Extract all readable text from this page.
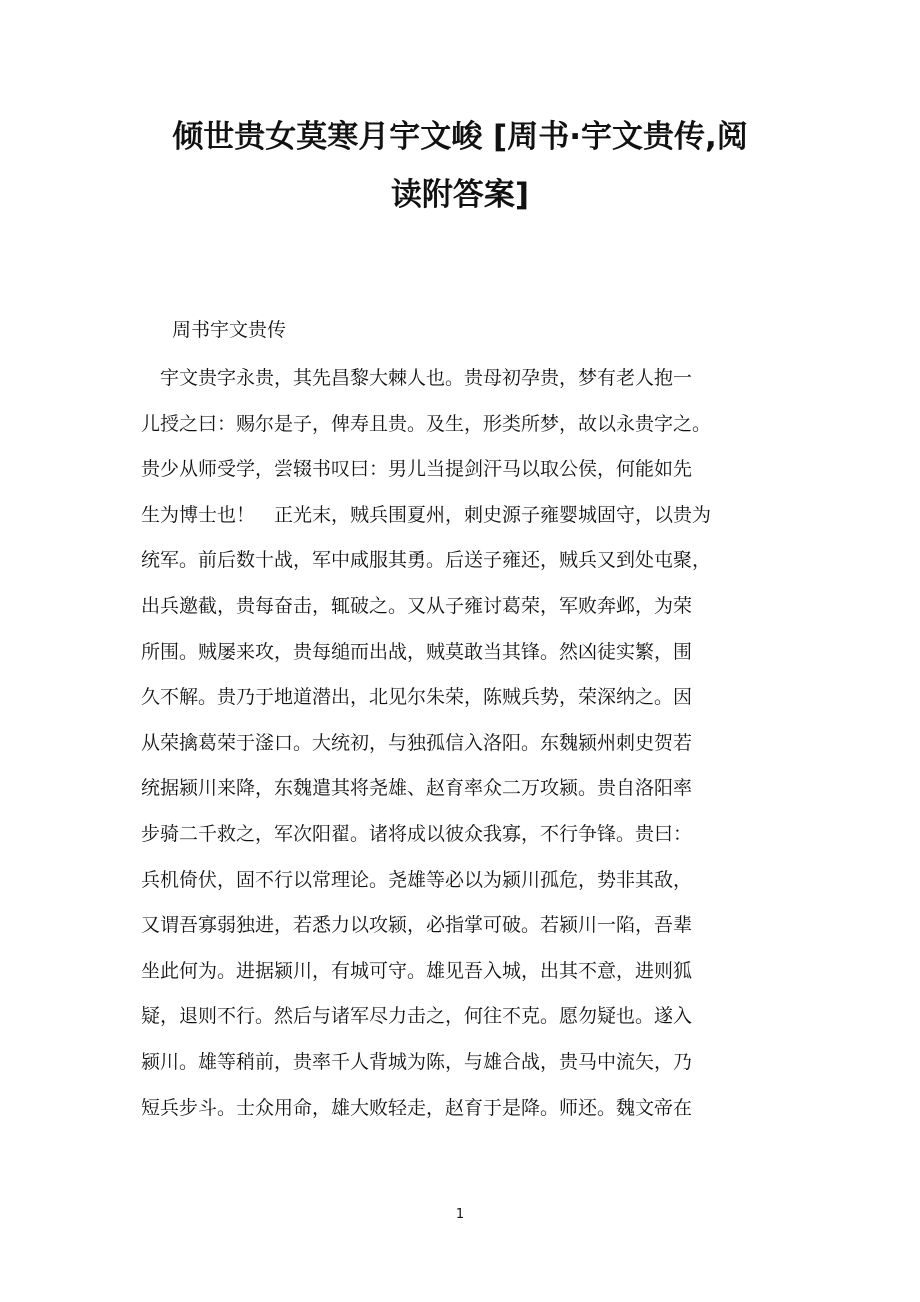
倾世贵女莫寒月宇文峻 [周书·宇文贵传,阅
读附答案]

周书宇文贵传

宇文贵字永贵，其先昌黎大棘人也。贵母初孕贵，梦有老人抱一
儿授之曰：赐尔是子，俾寿且贵。及生，形类所梦，故以永贵字之。
贵少从师受学，尝辍书叹曰：男儿当提剑汗马以取公侯，何能如先
生为博士也！　正光末，贼兵围夏州，刺史源子雍婴城固守，以贵为
统军。前后数十战，军中咸服其勇。后送子雍还，贼兵又到处屯聚，
出兵邀截，贵每奋击，辄破之。又从子雍讨葛荣，军败奔邺，为荣
所围。贼屡来攻，贵每缒而出战，贼莫敢当其锋。然凶徒实繁，围
久不解。贵乃于地道潜出，北见尔朱荣，陈贼兵势，荣深纳之。因
从荣擒葛荣于滏口。大统初，与独孤信入洛阳。东魏颍州刺史贺若
统据颍川来降，东魏遣其将尧雄、赵育率众二万攻颍。贵自洛阳率
步骑二千救之，军次阳翟。诸将成以彼众我寡，不行争锋。贵曰：
兵机倚伏，固不行以常理论。尧雄等必以为颍川孤危，势非其敌，
又谓吾寡弱独进，若悉力以攻颍，必指掌可破。若颍川一陷，吾辈
坐此何为。进据颍川，有城可守。雄见吾入城，出其不意，进则狐
疑，退则不行。然后与诸军尽力击之，何往不克。愿勿疑也。遂入
颍川。雄等稍前，贵率千人背城为陈，与雄合战，贵马中流矢，乃
短兵步斗。士众用命，雄大败轻走，赵育于是降。师还。魏文帝在
1
